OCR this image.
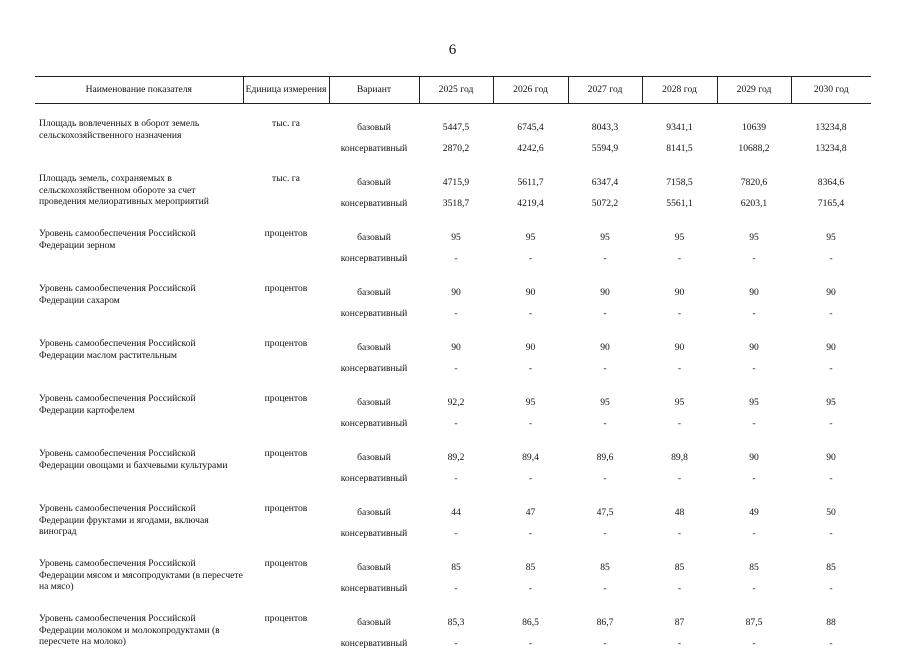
6
Наименование показателя	Единица измерения	Вариант	2025 год	2026 год	2027 год	2028 год	2029 год	2030 год

Площадь вовлеченных в оборот земель сельскохозяйственного назначения	тыс. га	базовый	5447,5	6745,4	8043,3	9341,1	10639	13234,8
		консервативный	2870,2	4242,6	5594,9	8141,5	10688,2	13234,8

Площадь земель, сохраняемых в сельскохозяйственном обороте за счет проведения мелиоративных мероприятий	тыс. га	базовый	4715,9	5611,7	6347,4	7158,5	7820,6	8364,6
		консервативный	3518,7	4219,4	5072,2	5561,1	6203,1	7165,4

Уровень самообеспечения Российской Федерации зерном	процентов	базовый	95	95	95	95	95	95
		консервативный	-	-	-	-	-	-

Уровень самообеспечения Российской Федерации сахаром	процентов	базовый	90	90	90	90	90	90
		консервативный	-	-	-	-	-	-

Уровень самообеспечения Российской Федерации маслом растительным	процентов	базовый	90	90	90	90	90	90
		консервативный	-	-	-	-	-	-

Уровень самообеспечения Российской Федерации картофелем	процентов	базовый	92,2	95	95	95	95	95
		консервативный	-	-	-	-	-	-

Уровень самообеспечения Российской Федерации овощами и бахчевыми культурами	процентов	базовый	89,2	89,4	89,6	89,8	90	90
		консервативный	-	-	-	-	-	-

Уровень самообеспечения Российской Федерации фруктами и ягодами, включая виноград	процентов	базовый	44	47	47,5	48	49	50
		консервативный	-	-	-	-	-	-

Уровень самообеспечения Российской Федерации мясом и мясопродуктами (в пересчете на мясо)	процентов	базовый	85	85	85	85	85	85
		консервативный	-	-	-	-	-	-

Уровень самообеспечения Российской Федерации молоком и молокопродуктами (в пересчете на молоко)	процентов	базовый	85,3	86,5	86,7	87	87,5	88
		консервативный	-	-	-	-	-	-
